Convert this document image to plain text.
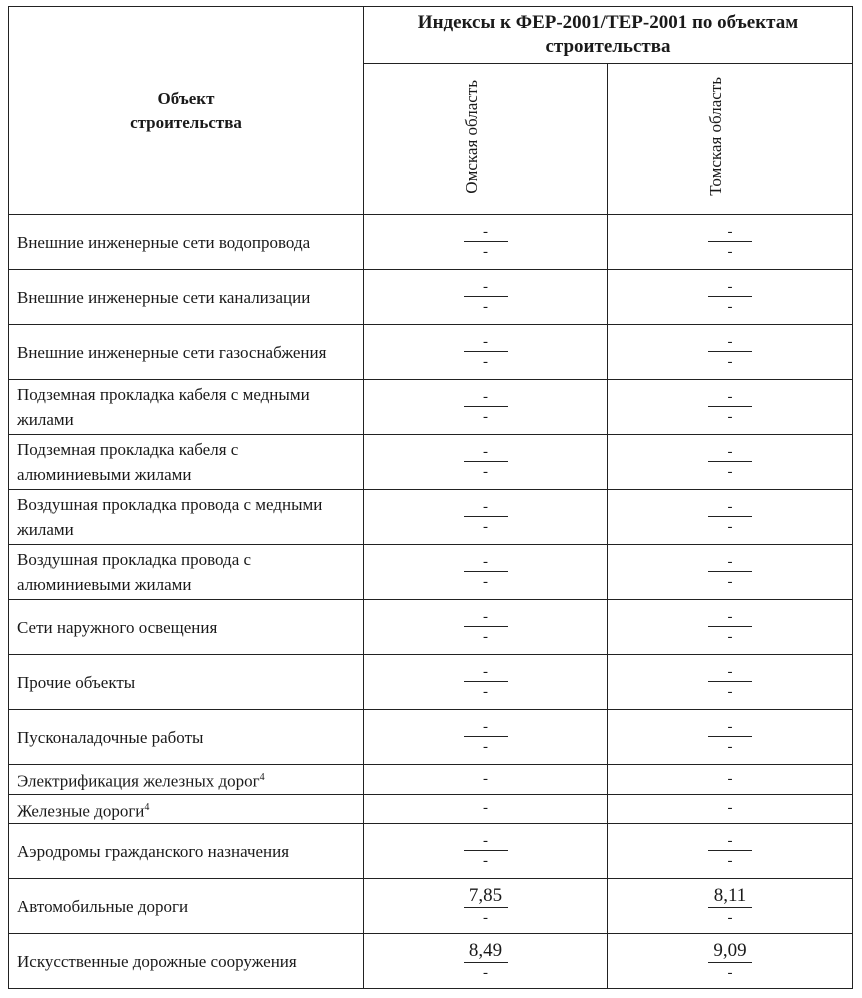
Объект строительства	Индексы к ФЕР-2001/ТЕР-2001 по объектам строительства	

	Омская область	Томская область
Внешние инженерные сети водопровода	$\frac{-}{-}$	$\frac{-}{-}$

Внешние инженерные сети канализации	$\frac{-}{-}$	$\frac{-}{-}$

Внешние инженерные сети газоснабжения	$\frac{-}{-}$	$\frac{-}{-}$

Подземная прокладка кабеля с медными жилами	$\frac{-}{-}$	$\frac{-}{-}$

Подземная прокладка кабеля с алюминиевыми жилами	$\frac{-}{-}$	$\frac{-}{-}$

Воздушная прокладка провода с медными жилами	$\frac{-}{-}$	$\frac{-}{-}$

Воздушная прокладка провода с алюминиевыми жилами	$\frac{-}{-}$	$\frac{-}{-}$

Сети наружного освещения	$\frac{-}{-}$	$\frac{-}{-}$

Прочие объекты	$\frac{-}{-}$	$\frac{-}{-}$

Пусконаладочные работы	$\frac{-}{-}$	$\frac{-}{-}$

Электрификация железных дорог$^4$	-	-
Железные дороги$^4$	-	-
Аэродромы гражданского назначения	$\frac{-}{-}$	$\frac{-}{-}$

Автомобильные дороги	$\frac{7,85}{-}$	$\frac{8,11}{-}$

Искусственные дорожные сооружения	$\frac{8,49}{-}$	$\frac{9,09}{-}$
